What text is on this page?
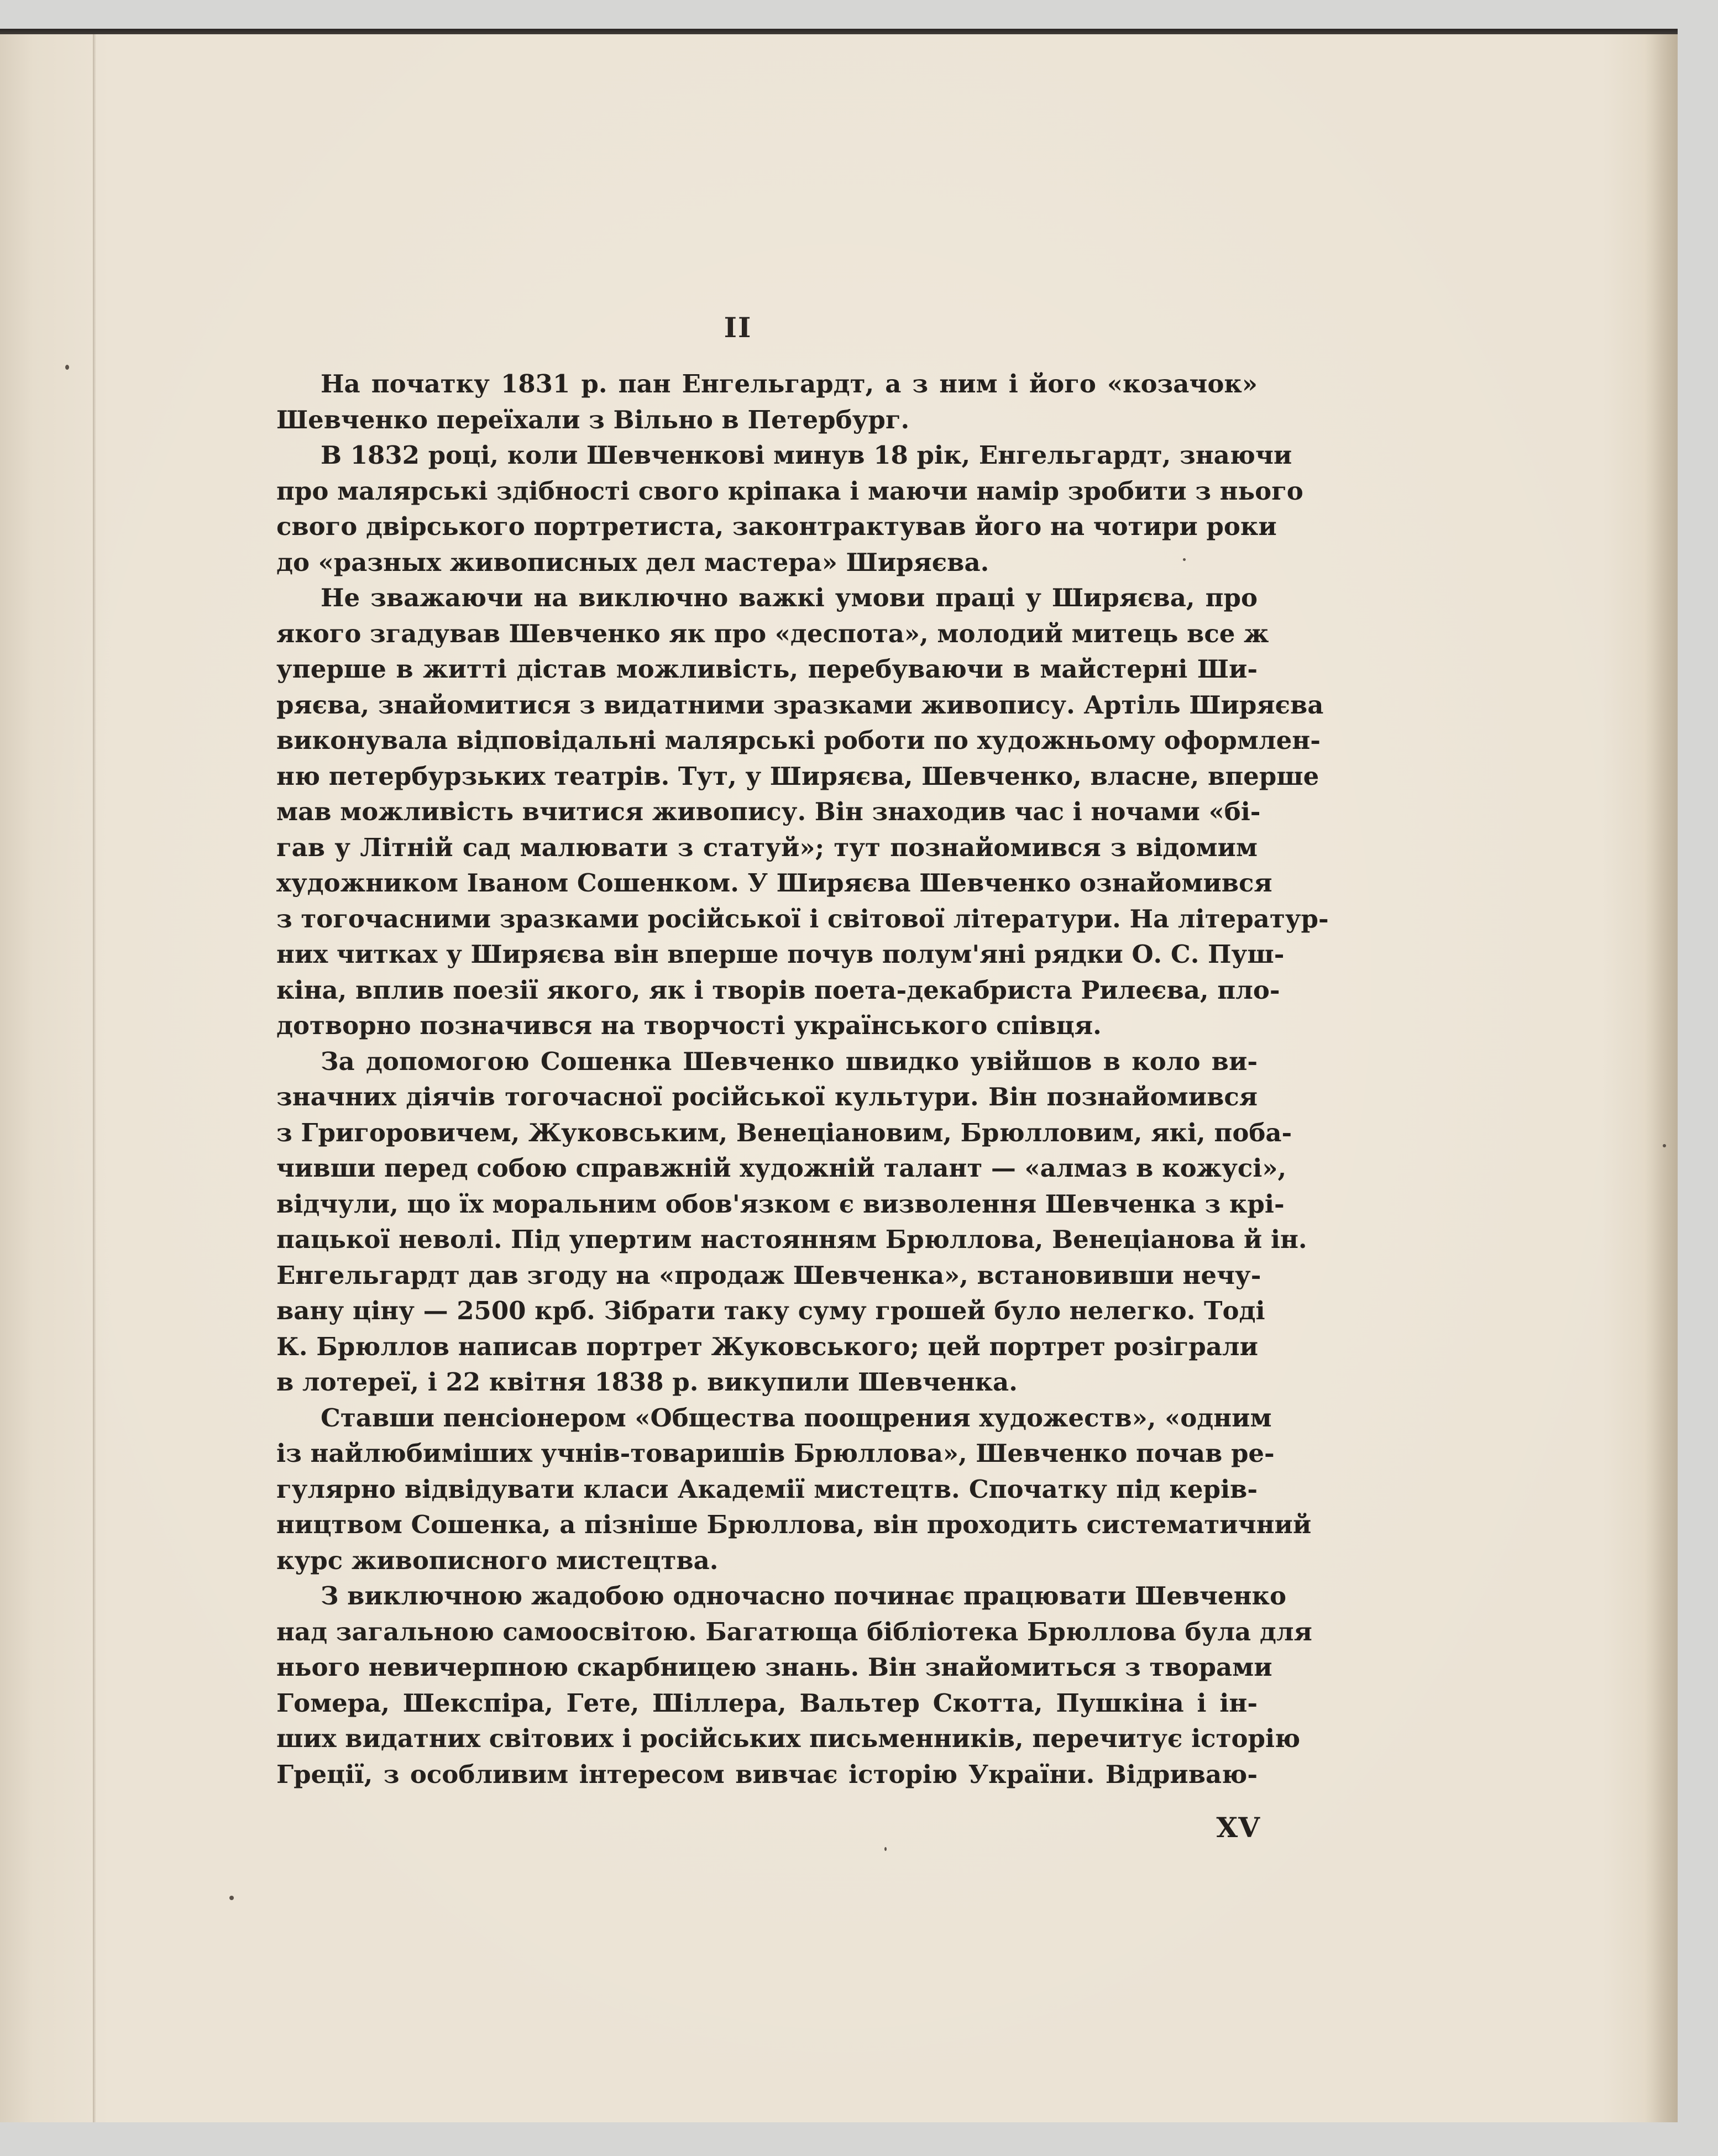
II
На початку 1831 р. пан Енгельгардт, а з ним і його «козачок»
Шевченко переїхали з Вільно в Петербург.
В 1832 році, коли Шевченкові минув 18 рік, Енгельгардт, знаючи
про малярські здібності свого кріпака і маючи намір зробити з нього
свого двірського портретиста, законтрактував його на чотири роки
до «разных живописных дел мастера» Ширяєва.
Не зважаючи на виключно важкі умови праці у Ширяєва, про
якого згадував Шевченко як про «деспота», молодий митець все ж
уперше в житті дістав можливість, перебуваючи в майстерні Ши-
ряєва, знайомитися з видатними зразками живопису. Артіль Ширяєва
виконувала відповідальні малярські роботи по художньому оформлен-
ню петербурзьких театрів. Тут, у Ширяєва, Шевченко, власне, вперше
мав можливість вчитися живопису. Він знаходив час і ночами «бі-
гав у Літній сад малювати з статуй»; тут познайомився з відомим
художником Іваном Сошенком. У Ширяєва Шевченко ознайомився
з тогочасними зразками російської і світової літератури. На літератур-
них читках у Ширяєва він вперше почув полум'яні рядки О. С. Пуш-
кіна, вплив поезії якого, як і творів поета-декабриста Рилеєва, пло-
дотворно позначився на творчості українського співця.
За допомогою Сошенка Шевченко швидко увійшов в коло ви-
значних діячів тогочасної російської культури. Він познайомився
з Григоровичем, Жуковським, Венеціановим, Брюлловим, які, поба-
чивши перед собою справжній художній талант — «алмаз в кожусі»,
відчули, що їх моральним обов'язком є визволення Шевченка з крі-
пацької неволі. Під упертим настоянням Брюллова, Венеціанова й ін.
Енгельгардт дав згоду на «продаж Шевченка», встановивши нечу-
вану ціну — 2500 крб. Зібрати таку суму грошей було нелегко. Тоді
К. Брюллов написав портрет Жуковського; цей портрет розіграли
в лотереї, і 22 квітня 1838 р. викупили Шевченка.
Ставши пенсіонером «Общества поощрения художеств», «одним
із найлюбиміших учнів-товаришів Брюллова», Шевченко почав ре-
гулярно відвідувати класи Академії мистецтв. Спочатку під керів-
ництвом Сошенка, а пізніше Брюллова, він проходить систематичний
курс живописного мистецтва.
З виключною жадобою одночасно починає працювати Шевченко
над загальною самоосвітою. Багатюща бібліотека Брюллова була для
нього невичерпною скарбницею знань. Він знайомиться з творами
Гомера, Шекспіра, Гете, Шіллера, Вальтер Скотта, Пушкіна і ін-
ших видатних світових і російських письменників, перечитує історію
Греції, з особливим інтересом вивчає історію України. Відриваю-
XV
